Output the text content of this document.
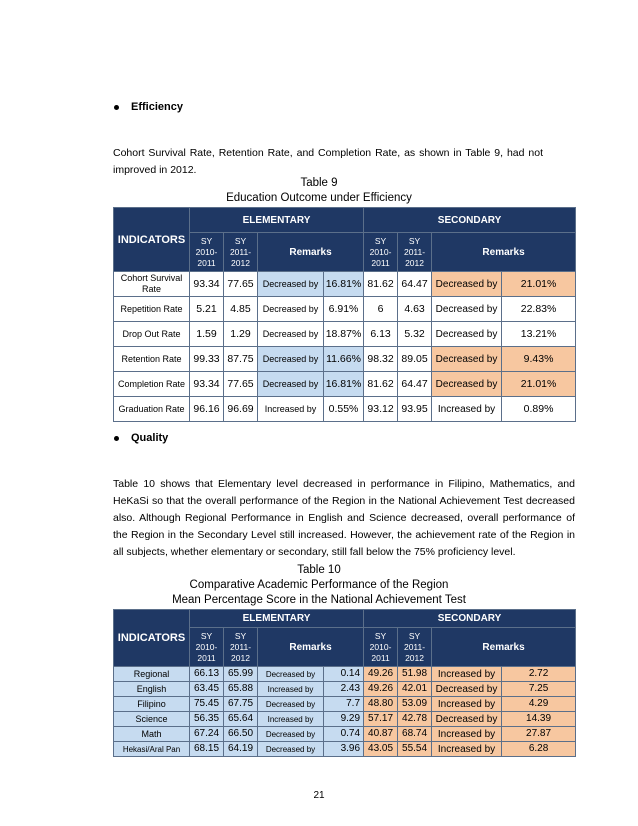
Efficiency
Cohort Survival Rate, Retention Rate, and Completion Rate, as shown in Table 9, had not improved in 2012.
Table 9
Education Outcome under Efficiency
INDICATORS	ELEMENTARY				SECONDARY			
	SY 2010-2011	SY 2011-2012	Remarks		SY 2010-2011	SY 2011-2012	Remarks	
Cohort Survival Rate	93.34	77.65	Decreased by	16.81%	81.62	64.47	Decreased by	21.01%
Repetition Rate	5.21	4.85	Decreased by	6.91%	6	4.63	Decreased by	22.83%
Drop Out Rate	1.59	1.29	Decreased by	18.87%	6.13	5.32	Decreased by	13.21%
Retention Rate	99.33	87.75	Decreased by	11.66%	98.32	89.05	Decreased by	9.43%
Completion Rate	93.34	77.65	Decreased by	16.81%	81.62	64.47	Decreased by	21.01%
Graduation Rate	96.16	96.69	Increased by	0.55%	93.12	93.95	Increased by	0.89%
Quality
Table 10 shows that Elementary level decreased in performance in Filipino, Mathematics, and HeKaSi so that the overall performance of the Region in the National Achievement Test decreased also. Although Regional Performance in English and Science decreased, overall performance of the Region in the Secondary Level still increased. However, the achievement rate of the Region in all subjects, whether elementary or secondary, still fall below the 75% proficiency level.
Table 10
Comparative Academic Performance of the Region
Mean Percentage Score in the National Achievement Test
INDICATORS	ELEMENTARY				SECONDARY			
	SY 2010-2011	SY 2011-2012	Remarks		SY 2010-2011	SY 2011-2012	Remarks	
Regional	66.13	65.99	Decreased by	0.14	49.26	51.98	Increased by	2.72
English	63.45	65.88	Increased by	2.43	49.26	42.01	Decreased by	7.25
Filipino	75.45	67.75	Decreased by	7.7	48.80	53.09	Increased by	4.29
Science	56.35	65.64	Increased by	9.29	57.17	42.78	Decreased by	14.39
Math	67.24	66.50	Decreased by	0.74	40.87	68.74	Increased by	27.87
Hekasi/Aral Pan	68.15	64.19	Decreased by	3.96	43.05	55.54	Increased by	6.28
21
